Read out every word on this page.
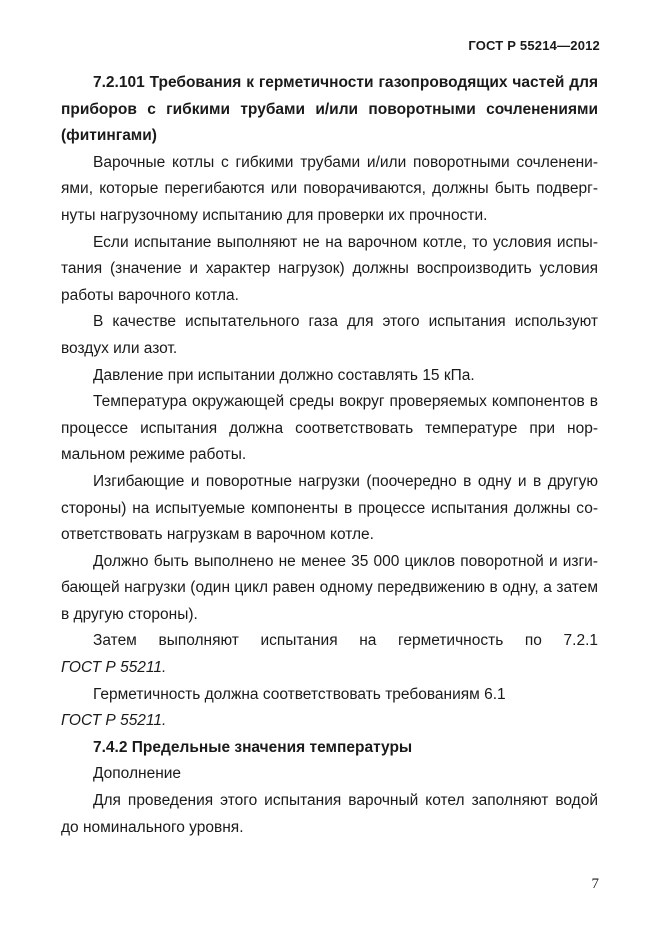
ГОСТ Р 55214—2012

7.2.101 Требования к герметичности газопроводящих частей для приборов с гибкими трубами и/или поворотными сочленениями (фитингами)

Варочные котлы с гибкими трубами и/или поворотными сочленениями, которые перегибаются или поворачиваются, должны быть подвергнуты нагрузочному испытанию для проверки их прочности.

Если испытание выполняют не на варочном котле, то условия испытания (значение и характер нагрузок) должны воспроизводить условия работы варочного котла.

В качестве испытательного газа для этого испытания используют воздух или азот.

Давление при испытании должно составлять 15 кПа.

Температура окружающей среды вокруг проверяемых компонентов в процессе испытания должна соответствовать температуре при нормальном режиме работы.

Изгибающие и поворотные нагрузки (поочередно в одну и в другую стороны) на испытуемые компоненты в процессе испытания должны соответствовать нагрузкам в варочном котле.

Должно быть выполнено не менее 35 000 циклов поворотной и изгибающей нагрузки (один цикл равен одному передвижению в одну, а затем в другую стороны).

Затем выполняют испытания на герметичность по 7.2.1

ГОСТ Р 55211.

Герметичность должна соответствовать требованиям 6.1

ГОСТ Р 55211.

7.4.2 Предельные значения температуры

Дополнение

Для проведения этого испытания варочный котел заполняют водой до номинального уровня.

7
